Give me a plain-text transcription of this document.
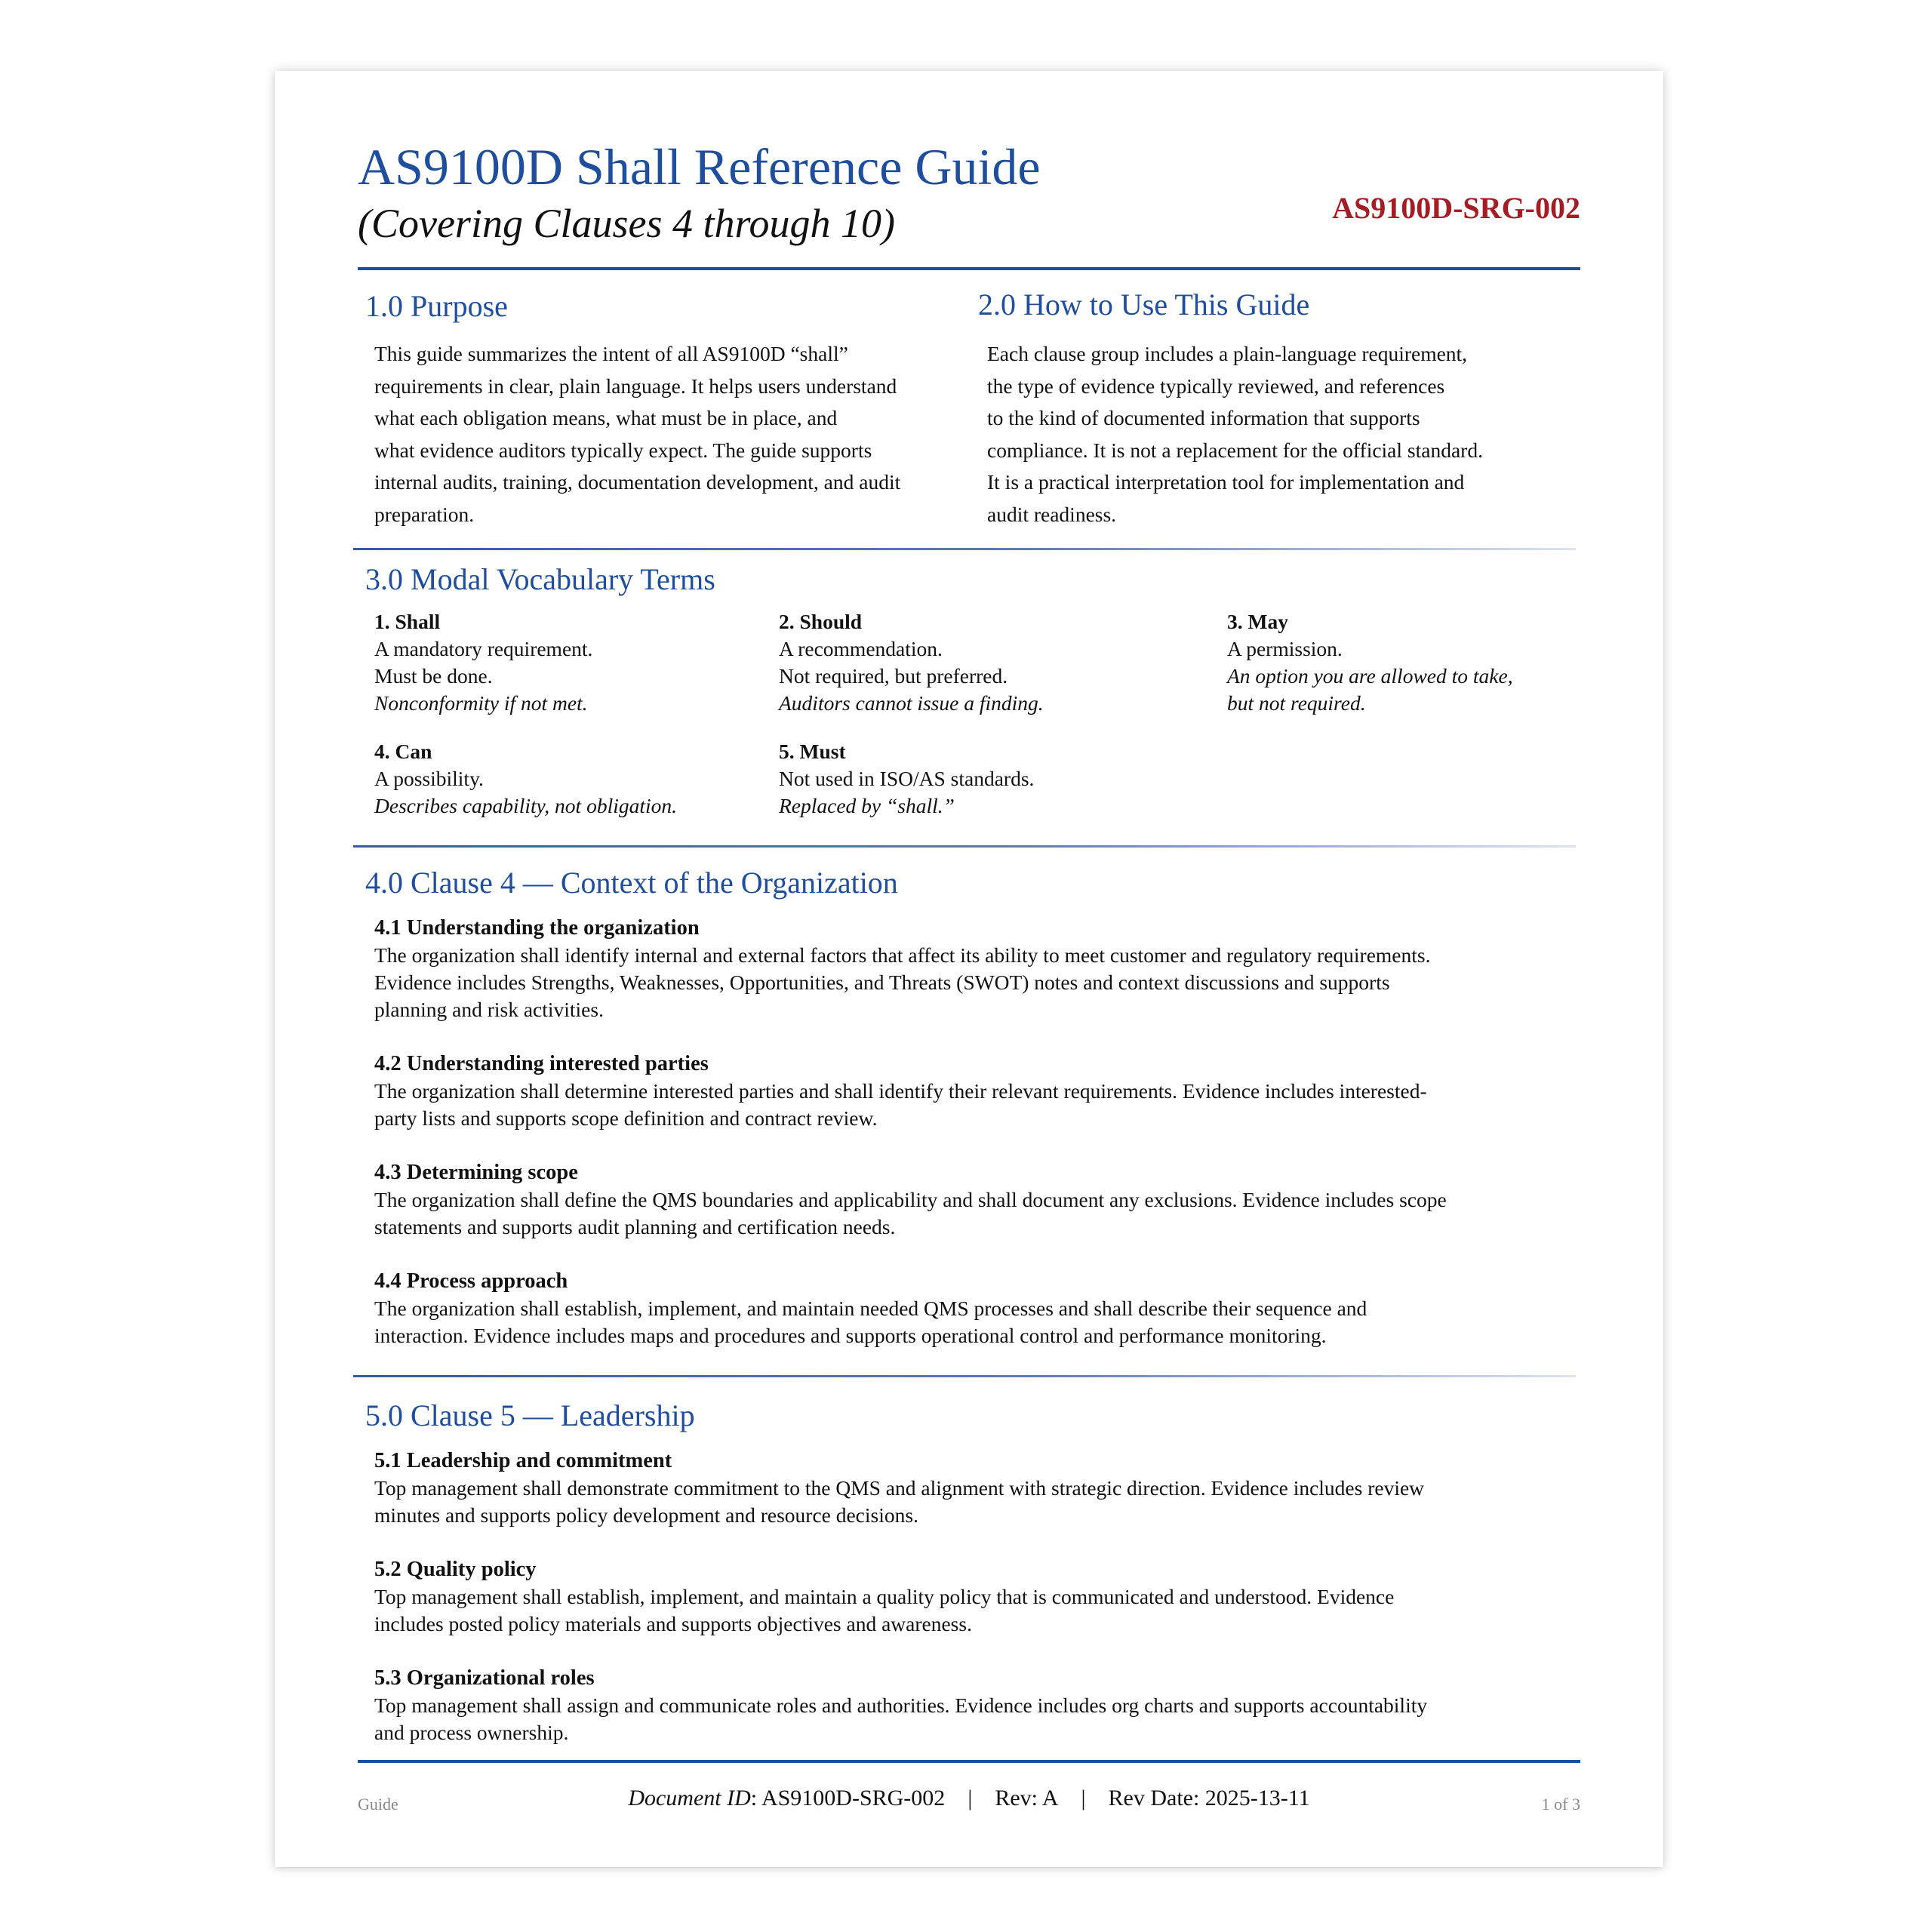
AS9100D Shall Reference Guide
(Covering Clauses 4 through 10)	AS9100D-SRG-002
1.0 Purpose
This guide summarizes the intent of all AS9100D “shall”
requirements in clear, plain language. It helps users understand
what each obligation means, what must be in place, and
what evidence auditors typically expect. The guide supports
internal audits, training, documentation development, and audit
preparation.
2.0 How to Use This Guide
Each clause group includes a plain-language requirement,
the type of evidence typically reviewed, and references
to the kind of documented information that supports
compliance. It is not a replacement for the official standard.
It is a practical interpretation tool for implementation and
audit readiness.
3.0 Modal Vocabulary Terms
1. Shall
A mandatory requirement.
Must be done.
Nonconformity if not met.
2. Should
A recommendation.
Not required, but preferred.
Auditors cannot issue a finding.
3. May
A permission.
An option you are allowed to take,
but not required.
4. Can
A possibility.
Describes capability, not obligation.
5. Must
Not used in ISO/AS standards.
Replaced by “shall.”
4.0 Clause 4 — Context of the Organization
4.1 Understanding the organization
The organization shall identify internal and external factors that affect its ability to meet customer and regulatory requirements.
Evidence includes Strengths, Weaknesses, Opportunities, and Threats (SWOT) notes and context discussions and supports
planning and risk activities.
4.2 Understanding interested parties
The organization shall determine interested parties and shall identify their relevant requirements. Evidence includes interested-
party lists and supports scope definition and contract review.
4.3 Determining scope
The organization shall define the QMS boundaries and applicability and shall document any exclusions. Evidence includes scope
statements and supports audit planning and certification needs.
4.4 Process approach
The organization shall establish, implement, and maintain needed QMS processes and shall describe their sequence and
interaction. Evidence includes maps and procedures and supports operational control and performance monitoring.
5.0 Clause 5 — Leadership
5.1 Leadership and commitment
Top management shall demonstrate commitment to the QMS and alignment with strategic direction. Evidence includes review
minutes and supports policy development and resource decisions.
5.2 Quality policy
Top management shall establish, implement, and maintain a quality policy that is communicated and understood. Evidence
includes posted policy materials and supports objectives and awareness.
5.3 Organizational roles
Top management shall assign and communicate roles and authorities. Evidence includes org charts and supports accountability
and process ownership.
Guide	Document ID: AS9100D-SRG-002 | Rev: A | Rev Date: 2025-13-11	1 of 3
